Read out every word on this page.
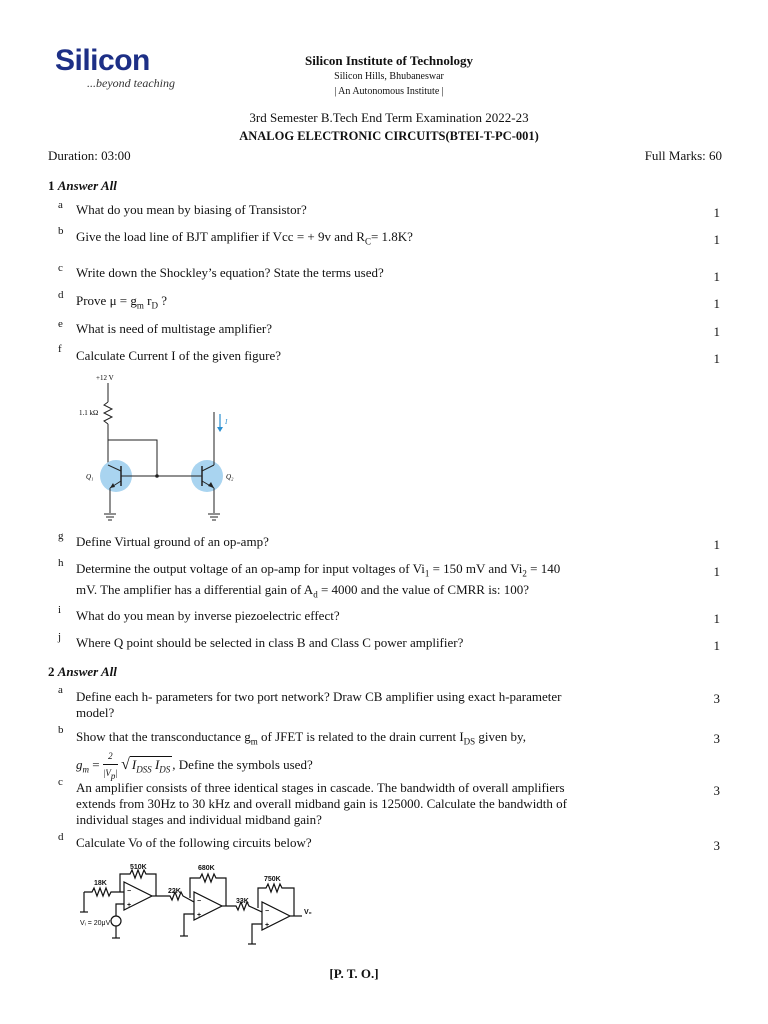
Silicon
...beyond teaching
Silicon Institute of Technology
Silicon Hills, Bhubaneswar
| An Autonomous Institute |
3rd Semester B.Tech End Term Examination 2022-23
ANALOG ELECTRONIC CIRCUITS(BTEI-T-PC-001)
Duration: 03:00	Full Marks: 60
1 Answer All
a What do you mean by biasing of Transistor?	1
b Give the load line of BJT amplifier if Vcc = + 9v and $R_C= 1.8K$?	1
c Write down the Shockley’s equation? State the terms used?	1
d Prove $\mu = g_m$ $r_D$ ?	1
e What is need of multistage amplifier?	1
f Calculate Current I of the given figure?	1
+12 V
1.1 kΩ
I
Q₁	Q₂
g Define Virtual ground of an op-amp?	1
h Determine the output voltage of an op-amp for input voltages of $Vi_1 = 150$ mV and $Vi_2 = 140$
mV. The amplifier has a differential gain of $A_d = 4000$ and the value of CMRR is: 100?
1
i What do you mean by inverse piezoelectric effect?	1
j Where Q point should be selected in class B and Class C power amplifier?	1
2 Answer All
a Define each h- parameters for two port network? Draw CB amplifier using exact h-parameter
model?
3
b Show that the transconductance $g_m$ of JFET is related to the drain current $I_{DS}$ given by,
$g_m = \frac{2}{|V_p|}$ √ $I_{DSS}$ $I_{DS}$ , Define the symbols used?
3
c An amplifier consists of three identical stages in cascade. The bandwidth of overall amplifiers
extends from 30Hz to 30 kHz and overall midband gain is 125000. Calculate the bandwidth of
individual stages and individual midband gain?
3
d Calculate Vo of the following circuits below?	3
18K
510K
22K
680K
33K
750K
Vᵢ = 20μV
V₀
−
+
−
+
−
+
[P. T. O.]
